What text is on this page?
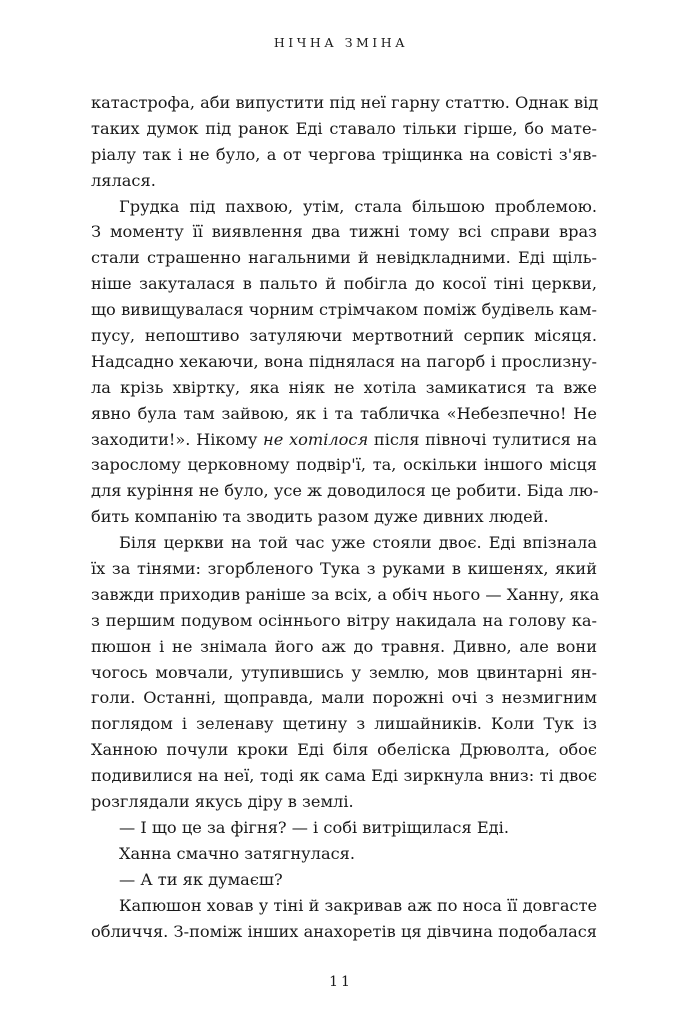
НІЧНА ЗМІНА
катастрофа, аби випустити під неї гарну статтю. Однак від
таких думок під ранок Еді ставало тільки гірше, бо мате-
ріалу так і не було, а от чергова тріщинка на совісті з'яв-
лялася.
Грудка під пахвою, утім, стала більшою проблемою.
З моменту її виявлення два тижні тому всі справи враз
стали страшенно нагальними й невідкладними. Еді щіль-
ніше закуталася в пальто й побігла до косої тіні церкви,
що вивищувалася чорним стрімчаком поміж будівель кам-
пусу, непоштиво затуляючи мертвотний серпик місяця.
Надсадно хекаючи, вона піднялася на пагорб і прослизну-
ла крізь хвіртку, яка ніяк не хотіла замикатися та вже
явно була там зайвою, як і та табличка «Небезпечно! Не
заходити!». Нікому не хотілося після півночі тулитися на
зарослому церковному подвір'ї, та, оскільки іншого місця
для куріння не було, усе ж доводилося це робити. Біда лю-
бить компанію та зводить разом дуже дивних людей.
Біля церкви на той час уже стояли двоє. Еді впізнала
їх за тінями: згорбленого Тука з руками в кишенях, який
завжди приходив раніше за всіх, а обіч нього — Ханну, яка
з першим подувом осіннього вітру накидала на голову ка-
пюшон і не знімала його аж до травня. Дивно, але вони
чогось мовчали, утупившись у землю, мов цвинтарні ян-
голи. Останні, щоправда, мали порожні очі з незмигним
поглядом і зеленаву щетину з лишайників. Коли Тук із
Ханною почули кроки Еді біля обеліска Дрюволта, обоє
подивилися на неї, тоді як сама Еді зиркнула вниз: ті двоє
розглядали якусь діру в землі.
— І що це за фігня? — і собі витріщилася Еді.
Ханна смачно затягнулася.
— А ти як думаєш?
Капюшон ховав у тіні й закривав аж по носа її довгасте
обличчя. З-поміж інших анахоретів ця дівчина подобалася
11
